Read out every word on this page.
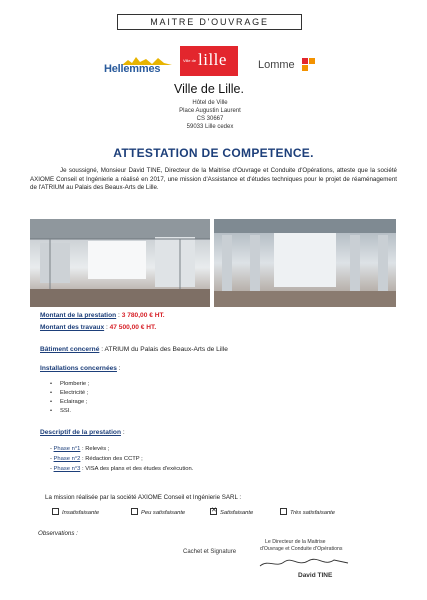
MAITRE D'OUVRAGE
Hellemmes
Ville de lille	Lomme
Ville de Lille.
Hôtel de Ville
Place Augustin Laurent
CS 30667
59033 Lille cedex
ATTESTATION DE COMPETENCE.
Je soussigné, Monsieur David TINE, Directeur de la Maitrise d'Ouvrage et Conduite d'Opérations, atteste que la société AXIOME Conseil et Ingénierie a réalisé en 2017, une mission d'Assistance et d'études techniques pour le projet de réaménagement de l'ATRIUM au Palais des Beaux-Arts de Lille.
Montant de la prestation : 3 780,00 € HT.
Montant des travaux : 47 500,00 € HT.
Bâtiment concerné : ATRIUM du Palais des Beaux-Arts de Lille
Installations concernées :
• Plomberie ;
• Electricité ;
• Eclairage ;
• SSI.
Descriptif de la prestation :
- Phase n°1 : Relevés ;
- Phase n°2 : Rédaction des CCTP ;
- Phase n°3 : VISA des plans et des études d'exécution.
La mission réalisée par la société AXIOME Conseil et Ingénierie SARL :
Insatisfaisante	Peu satisfaisante	✕ Satisfaisante	Très satisfaisante
Observations :
Cachet et Signature
Le Directeur de la Maitrise
d'Ouvrage et Conduite d'Opérations
David TINE
